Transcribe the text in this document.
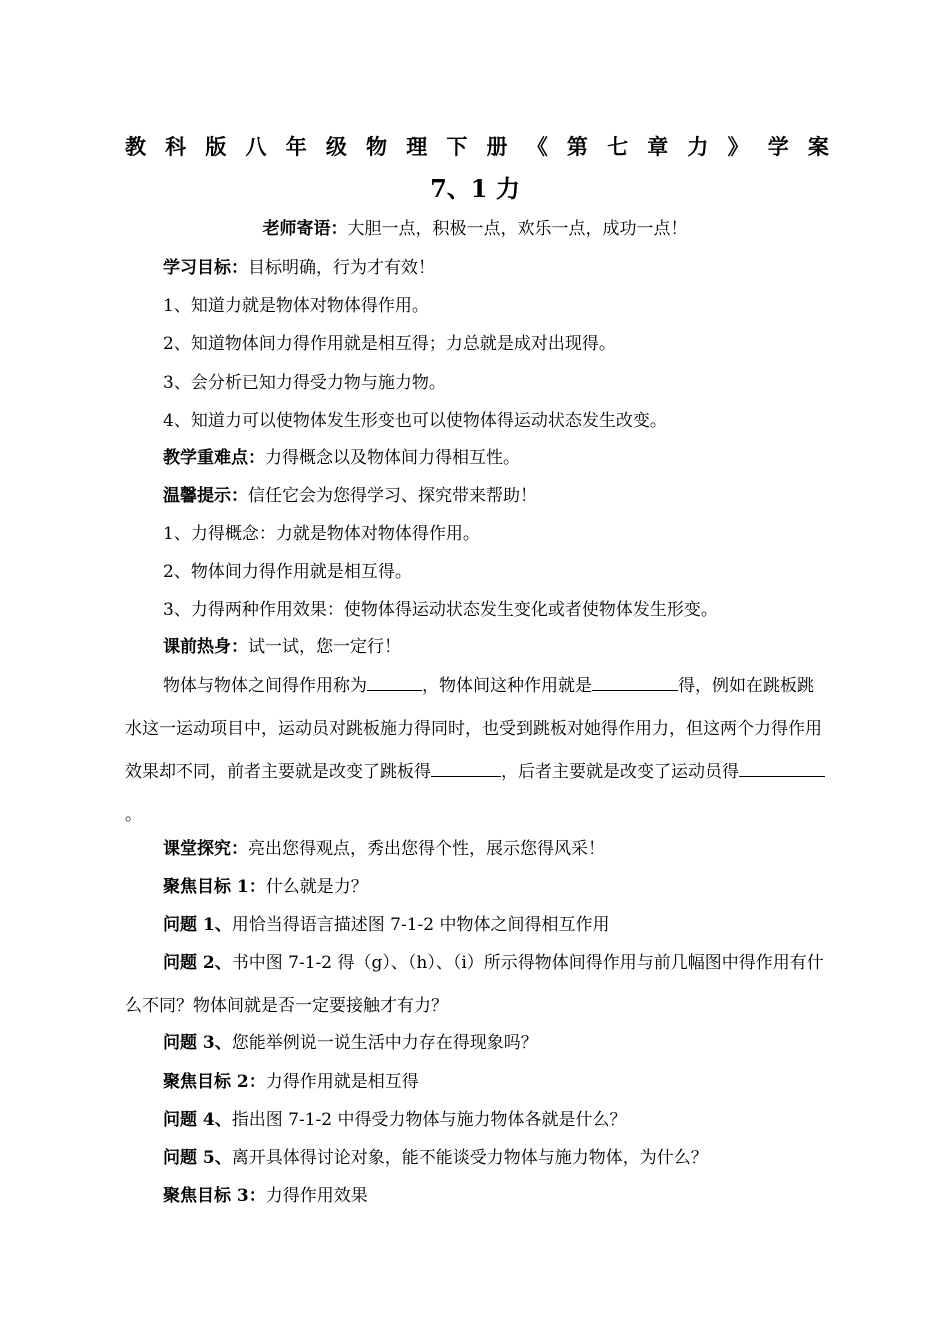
教 科 版 八 年 级 物 理 下 册 《 第 七 章 力 》 学 案
7、1 力
老师寄语：大胆一点，积极一点，欢乐一点，成功一点！
学习目标：目标明确，行为才有效！
1、知道力就是物体对物体得作用。
2、知道物体间力得作用就是相互得；力总就是成对出现得。
3、会分析已知力得受力物与施力物。
4、知道力可以使物体发生形变也可以使物体得运动状态发生改变。
教学重难点：力得概念以及物体间力得相互性。
温馨提示：信任它会为您得学习、探究带来帮助！
1、力得概念：力就是物体对物体得作用。
2、物体间力得作用就是相互得。
3、力得两种作用效果：使物体得运动状态发生变化或者使物体发生形变。
课前热身：试一试，您一定行！

物体与物体之间得作用称为	，物体间这种作用就是	得，例如在跳板跳水这一运动项目中，运动员对跳板施力得同时，也受到跳板对她得作用力，但这两个力得作用效果却不同，前者主要就是改变了跳板得	，后者主要就是改变了运动员得。

课堂探究：亮出您得观点，秀出您得个性，展示您得风采！
聚焦目标 1：什么就是力？
问题 1、用恰当得语言描述图 7-1-2 中物体之间得相互作用

问题 2、书中图 7-1-2 得（g）、（h）、（i）所示得物体间得作用与前几幅图中得作用有什么不同？物体间就是否一定要接触才有力？

问题 3、您能举例说一说生活中力存在得现象吗？
聚焦目标 2：力得作用就是相互得
问题 4、指出图 7-1-2 中得受力物体与施力物体各就是什么？
问题 5、离开具体得讨论对象，能不能谈受力物体与施力物体，为什么？
聚焦目标 3：力得作用效果
